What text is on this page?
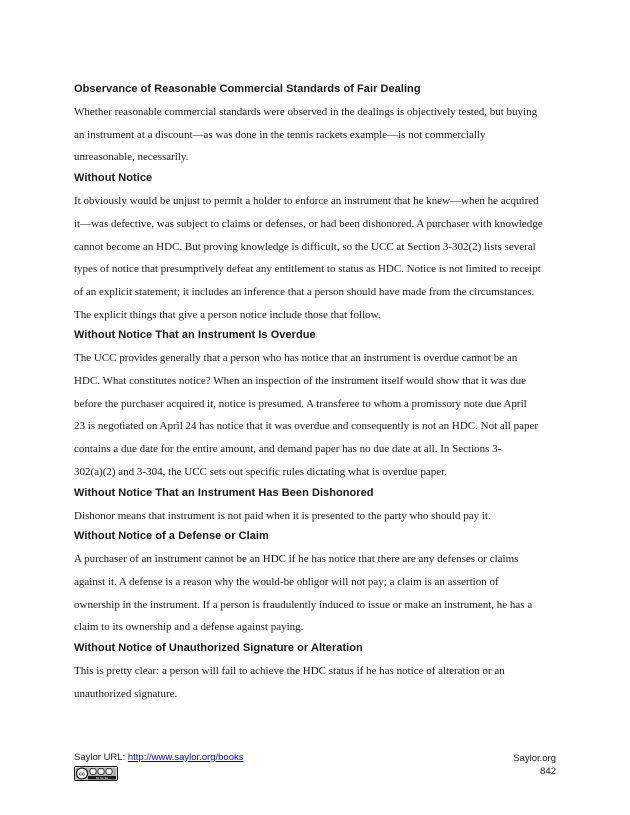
Observance of Reasonable Commercial Standards of Fair Dealing

Whether reasonable commercial standards were observed in the dealings is objectively tested, but buying

an instrument at a discount—as was done in the tennis rackets example—is not commercially

unreasonable, necessarily.

Without Notice

It obviously would be unjust to permit a holder to enforce an instrument that he knew—when he acquired

it—was defective, was subject to claims or defenses, or had been dishonored. A purchaser with knowledge

cannot become an HDC. But proving knowledge is difficult, so the UCC at Section 3-302(2) lists several

types of notice that presumptively defeat any entitlement to status as HDC. Notice is not limited to receipt

of an explicit statement; it includes an inference that a person should have made from the circumstances.

The explicit things that give a person notice include those that follow.

Without Notice That an Instrument Is Overdue

The UCC provides generally that a person who has notice that an instrument is overdue cannot be an

HDC. What constitutes notice? When an inspection of the instrument itself would show that it was due

before the purchaser acquired it, notice is presumed. A transferee to whom a promissory note due April

23 is negotiated on April 24 has notice that it was overdue and consequently is not an HDC. Not all paper

contains a due date for the entire amount, and demand paper has no due date at all. In Sections 3-

302(a)(2) and 3-304, the UCC sets out specific rules dictating what is overdue paper.

Without Notice That an Instrument Has Been Dishonored

Dishonor means that instrument is not paid when it is presented to the party who should pay it.

Without Notice of a Defense or Claim

A purchaser of an instrument cannot be an HDC if he has notice that there are any defenses or claims

against it. A defense is a reason why the would-be obligor will not pay; a claim is an assertion of

ownership in the instrument. If a person is fraudulently induced to issue or make an instrument, he has a

claim to its ownership and a defense against paying.

Without Notice of Unauthorized Signature or Alteration

This is pretty clear: a person will fail to achieve the HDC status if he has notice of alteration or an

unauthorized signature.

Saylor URL: http://www.saylor.org/books
cc
BY NC SA
Saylor.org
842
